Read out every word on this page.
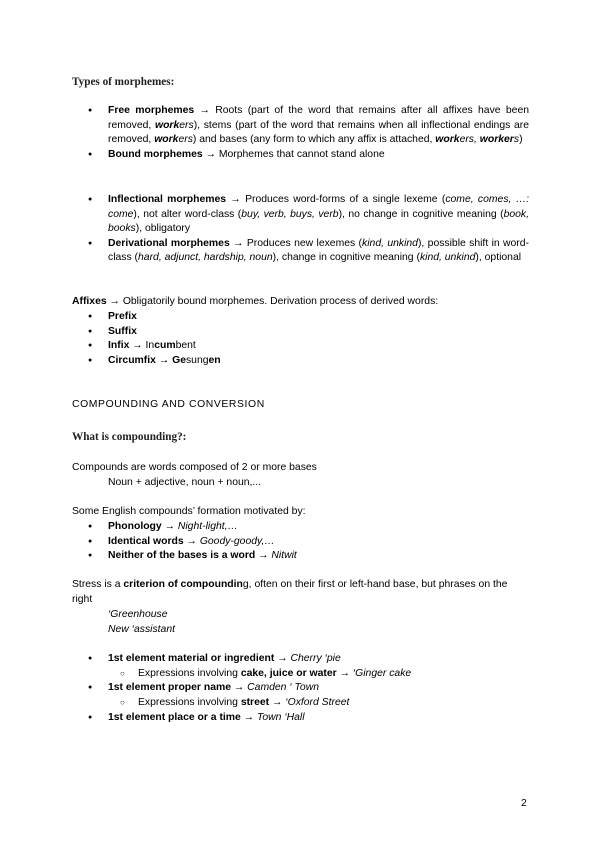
Types of morphemes:
● Free morphemes → Roots (part of the word that remains after all affixes have been removed, workers), stems (part of the word that remains when all inflectional endings are removed, workers) and bases (any form to which any affix is attached, workers, workers)
● Bound morphemes → Morphemes that cannot stand alone
● Inflectional morphemes → Produces word-forms of a single lexeme (come, comes, …: come), not alter word-class (buy, verb, buys, verb), no change in cognitive meaning (book, books), obligatory
● Derivational morphemes → Produces new lexemes (kind, unkind), possible shift in word-class (hard, adjunct, hardship, noun), change in cognitive meaning (kind, unkind), optional
Affixes → Obligatorily bound morphemes. Derivation process of derived words:
● Prefix
● Suffix
● Infix → Incumbent
● Circumfix → Gesungen
COMPOUNDING AND CONVERSION
What is compounding?:
Compounds are words composed of 2 or more bases
Noun + adjective, noun + noun,...
Some English compounds’ formation motivated by:
● Phonology → Night-light,…
● Identical words → Goody-goody,…
● Neither of the bases is a word → Nitwit
Stress is a criterion of compounding, often on their first or left-hand base, but phrases on the right
‘Greenhouse
New ‘assistant
● 1st element material or ingredient → Cherry ‘pie
○ Expressions involving cake, juice or water → ‘Ginger cake
● 1st element proper name → Camden ‘ Town
○ Expressions involving street → ‘Oxford Street
● 1st element place or a time → Town ‘Hall
2
